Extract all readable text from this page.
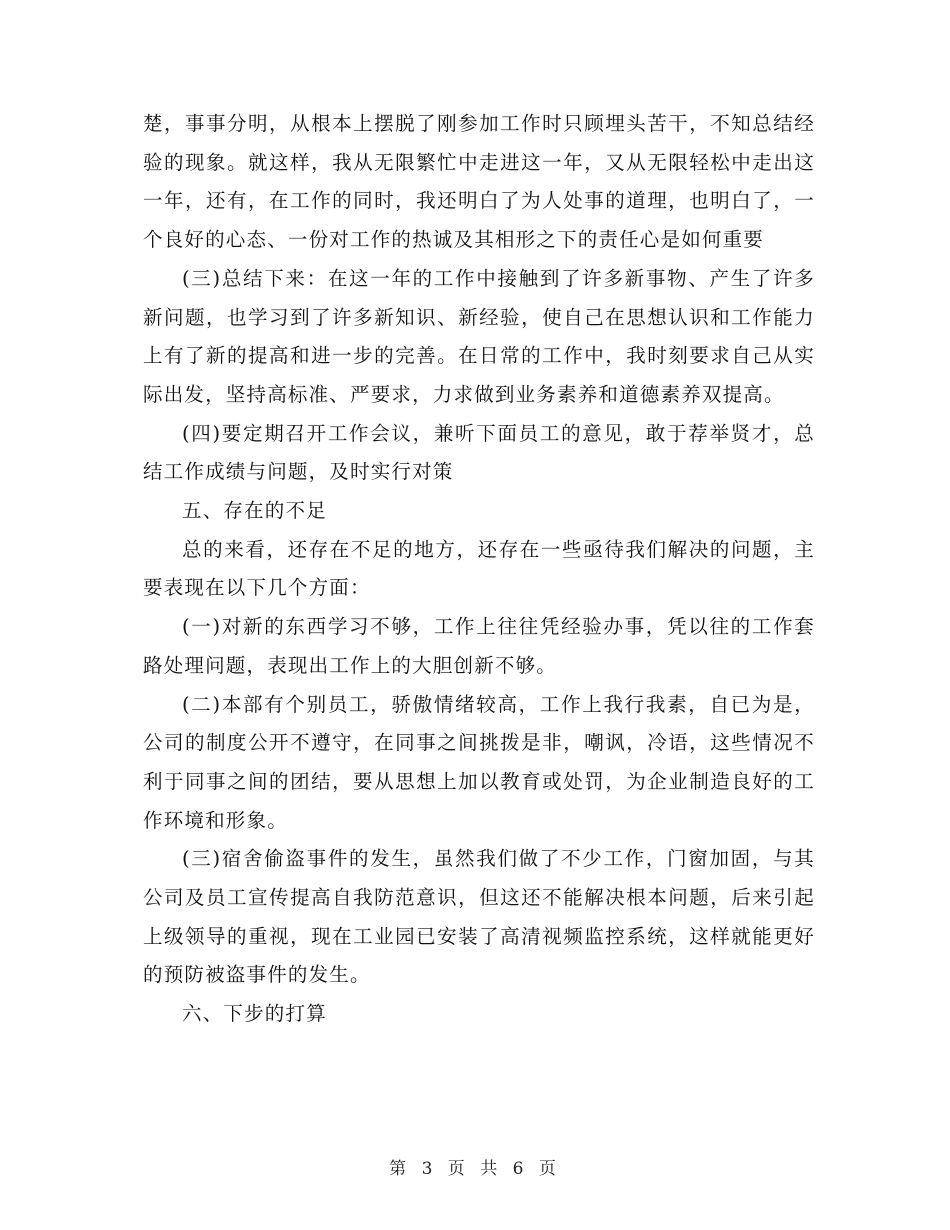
楚，事事分明，从根本上摆脱了刚参加工作时只顾埋头苦干，不知总结经验的现象。就这样，我从无限繁忙中走进这一年，又从无限轻松中走出这一年，还有，在工作的同时，我还明白了为人处事的道理，也明白了，一个良好的心态、一份对工作的热诚及其相形之下的责任心是如何重要

(三)总结下来：在这一年的工作中接触到了许多新事物、产生了许多新问题，也学习到了许多新知识、新经验，使自己在思想认识和工作能力上有了新的提高和进一步的完善。在日常的工作中，我时刻要求自己从实际出发，坚持高标准、严要求，力求做到业务素养和道德素养双提高。

(四)要定期召开工作会议，兼听下面员工的意见，敢于荐举贤才，总结工作成绩与问题，及时实行对策

五、存在的不足

总的来看，还存在不足的地方，还存在一些亟待我们解决的问题，主要表现在以下几个方面：

(一)对新的东西学习不够，工作上往往凭经验办事，凭以往的工作套路处理问题，表现出工作上的大胆创新不够。

(二)本部有个别员工，骄傲情绪较高，工作上我行我素，自已为是，公司的制度公开不遵守，在同事之间挑拨是非，嘲讽，冷语，这些情况不利于同事之间的团结，要从思想上加以教育或处罚，为企业制造良好的工作环境和形象。

(三)宿舍偷盗事件的发生，虽然我们做了不少工作，门窗加固，与其公司及员工宣传提高自我防范意识，但这还不能解决根本问题，后来引起上级领导的重视，现在工业园已安装了高清视频监控系统，这样就能更好的预防被盗事件的发生。

六、下步的打算

第 3 页 共 6 页
